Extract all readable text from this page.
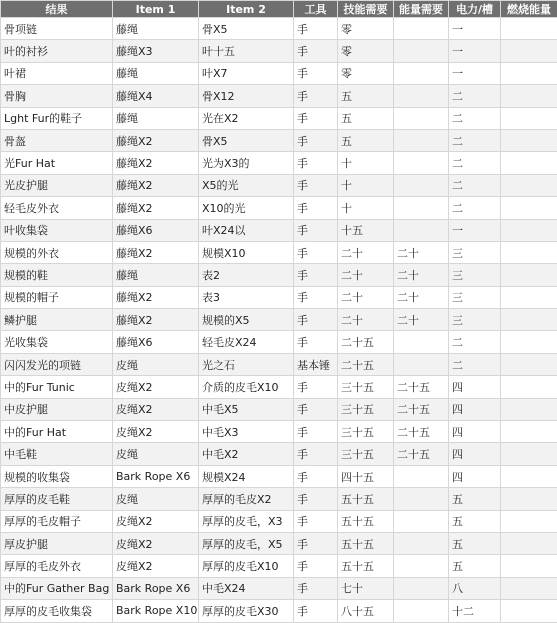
结果	Item 1	Item 2	工具	技能需要	能量需要	电力/槽	燃烧能量
骨项链	藤绳	骨X5	手	零		一	
叶的衬衫	藤绳X3	叶十五	手	零		一	
叶裙	藤绳	叶X7	手	零		一	
骨胸	藤绳X4	骨X12	手	五		二	
Lght Fur的鞋子	藤绳	光在X2	手	五		二	
骨盔	藤绳X2	骨X5	手	五		二	
光Fur Hat	藤绳X2	光为X3的	手	十		二	
光皮护腿	藤绳X2	X5的光	手	十		二	
轻毛皮外衣	藤绳X2	X10的光	手	十		二	
叶收集袋	藤绳X6	叶X24以	手	十五		一	
规模的外衣	藤绳X2	规模X10	手	二十	二十	三	
规模的鞋	藤绳	表2	手	二十	二十	三	
规模的帽子	藤绳X2	表3	手	二十	二十	三	
鳞护腿	藤绳X2	规模的X5	手	二十	二十	三	
光收集袋	藤绳X6	轻毛皮X24	手	二十五		二	
闪闪发光的项链	皮绳	光之石	基本锤	二十五		二	
中的Fur Tunic	皮绳X2	介质的皮毛X10	手	三十五	二十五	四	
中皮护腿	皮绳X2	中毛X5	手	三十五	二十五	四	
中的Fur Hat	皮绳X2	中毛X3	手	三十五	二十五	四	
中毛鞋	皮绳	中毛X2	手	三十五	二十五	四	
规模的收集袋	Bark Rope X6	规模X24	手	四十五		四	
厚厚的皮毛鞋	皮绳	厚厚的毛皮X2	手	五十五		五	
厚厚的毛皮帽子	皮绳X2	厚厚的皮毛，X3	手	五十五		五	
厚皮护腿	皮绳X2	厚厚的皮毛，X5	手	五十五		五	
厚厚的毛皮外衣	皮绳X2	厚厚的皮毛X10	手	五十五		五	
中的Fur Gather Bag	Bark Rope X6	中毛X24	手	七十		八	
厚厚的皮毛收集袋	Bark Rope X10	厚厚的皮毛X30	手	八十五		十二	
